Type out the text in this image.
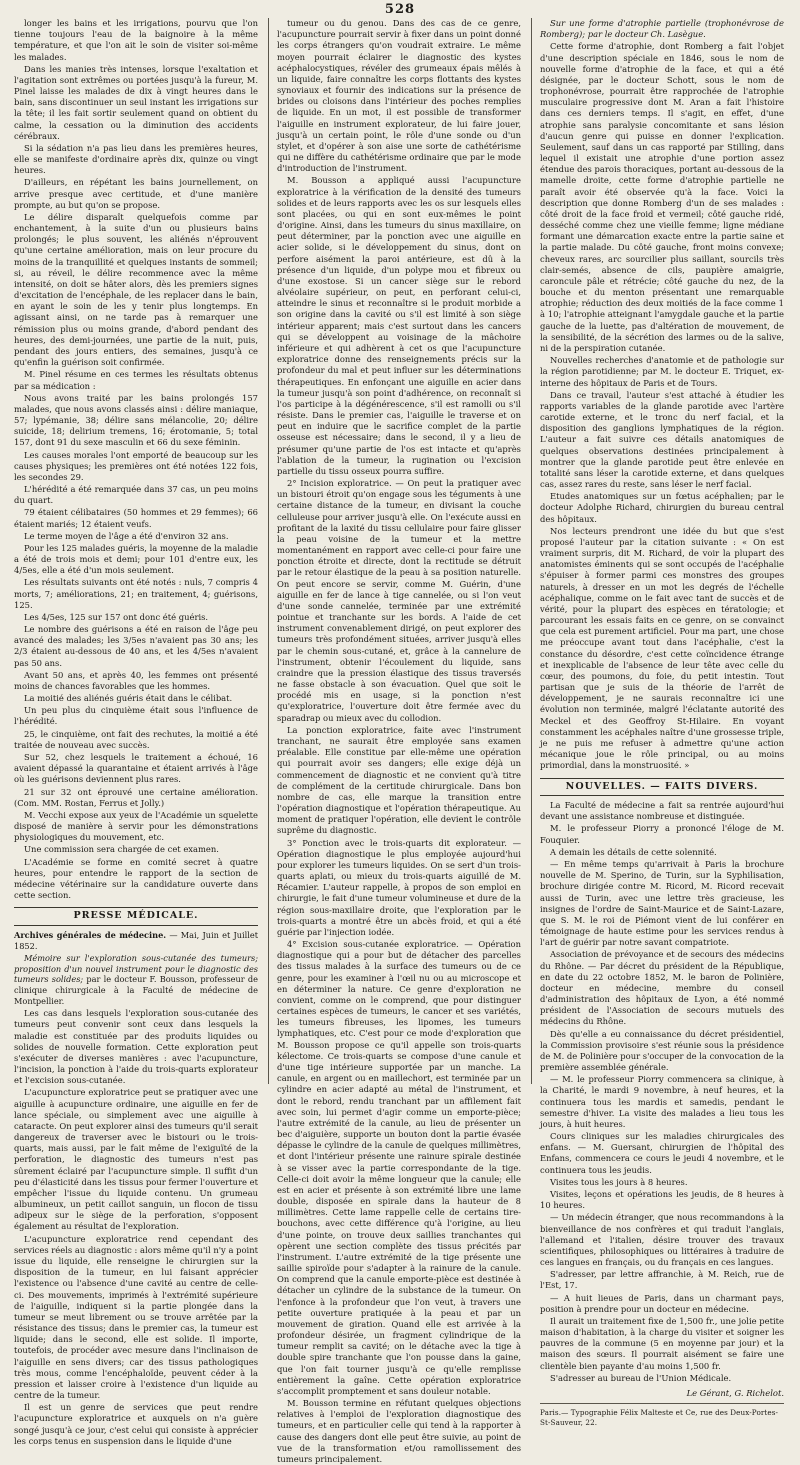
528

longer les bains et les irrigations, pourvu que l'on tienne toujours l'eau de la baignoire à la même température, et que l'on ait le soin de visiter soi-même les malades.

Dans les manies très intenses, lorsque l'exaltation et l'agitation sont extrêmes ou portées jusqu'à la fureur, M. Pinel laisse les malades de dix à vingt heures dans le bain, sans discontinuer un seul instant les irrigations sur la tête; il les fait sortir seulement quand on obtient du calme, la cessation ou la diminution des accidents cérébraux.

Si la sédation n'a pas lieu dans les premières heures, elle se manifeste d'ordinaire après dix, quinze ou vingt heures.

D'ailleurs, en répétant les bains journellement, on arrive presque avec certitude, et d'une manière prompte, au but qu'on se propose.

Le délire disparaît quelquefois comme par enchantement, à la suite d'un ou plusieurs bains prolongés; le plus souvent, les aliénés n'éprouvent qu'une certaine amélioration, mais on leur procure du moins de la tranquillité et quelques instants de sommeil; si, au réveil, le délire recommence avec la même intensité, on doit se hâter alors, dès les premiers signes d'excitation de l'encéphale, de les replacer dans le bain, en ayant le soin de les y tenir plus longtemps. En agissant ainsi, on ne tarde pas à remarquer une rémission plus ou moins grande, d'abord pendant des heures, des demi-journées, une partie de la nuit, puis, pendant des jours entiers, des semaines, jusqu'à ce qu'enfin la guérison soit confirmée.

M. Pinel résume en ces termes les résultats obtenus par sa médication :

Nous avons traité par les bains prolongés 157 malades, que nous avons classés ainsi : délire maniaque, 57; lypémanie, 38; délire sans mélancolie, 20; délire suicide, 18; delirium tremens, 16; érotomanie, 5; total 157, dont 91 du sexe masculin et 66 du sexe féminin.

Les causes morales l'ont emporté de beaucoup sur les causes physiques; les premières ont été notées 122 fois, les secondes 29.

L'hérédité a été remarquée dans 37 cas, un peu moins du quart.

79 étaient célibataires (50 hommes et 29 femmes); 66 étaient mariés; 12 étaient veufs.

Le terme moyen de l'âge a été d'environ 32 ans.

Pour les 125 malades guéris, la moyenne de la maladie a été de trois mois et demi; pour 101 d'entre eux, les 4/5es, elle a été d'un mois seulement.

Les résultats suivants ont été notés : nuls, 7 compris 4 morts, 7; améliorations, 21; en traitement, 4; guérisons, 125.

Les 4/5es, 125 sur 157 ont donc été guéris.

Le nombre des guérisons a été en raison de l'âge peu avancé des malades; les 3/5es n'avaient pas 30 ans; les 2/3 étaient au-dessous de 40 ans, et les 4/5es n'avaient pas 50 ans.

Avant 50 ans, et après 40, les femmes ont présenté moins de chances favorables que les hommes.

La moitié des aliénés guéris était dans le célibat.

Un peu plus du cinquième était sous l'influence de l'hérédité.

25, le cinquième, ont fait des rechutes, la moitié a été traitée de nouveau avec succès.

Sur 52, chez lesquels le traitement a échoué, 16 avaient dépassé la quarantaine et étaient arrivés à l'âge où les guérisons deviennent plus rares.

21 sur 32 ont éprouvé une certaine amélioration. (Com. MM. Rostan, Ferrus et Jolly.)

M. Vecchi expose aux yeux de l'Académie un squelette disposé de manière à servir pour les démonstrations physiologiques du mouvement, etc.

Une commission sera chargée de cet examen.

L'Académie se forme en comité secret à quatre heures, pour entendre le rapport de la section de médecine vétérinaire sur la candidature ouverte dans cette section.

PRESSE MÉDICALE.

Archives générales de médecine. — Mai, Juin et Juillet 1852.

Mémoire sur l'exploration sous-cutanée des tumeurs; proposition d'un nouvel instrument pour le diagnostic des tumeurs solides; par le docteur F. Bousson, professeur de clinique chirurgicale à la Faculté de médecine de Montpellier.

Les cas dans lesquels l'exploration sous-cutanée des tumeurs peut convenir sont ceux dans lesquels la maladie est constituée par des produits liquides ou solides de nouvelle formation. Cette exploration peut s'exécuter de diverses manières : avec l'acupuncture, l'incision, la ponction à l'aide du trois-quarts explorateur et l'excision sous-cutanée.

L'acupuncture exploratrice peut se pratiquer avec une aiguille à acupuncture ordinaire, une aiguille en fer de lance spéciale, ou simplement avec une aiguille à cataracte. On peut explorer ainsi des tumeurs qu'il serait dangereux de traverser avec le bistouri ou le trois-quarts, mais aussi, par le fait même de l'exiguïté de la perforation, le diagnostic des tumeurs n'est pas sûrement éclairé par l'acupuncture simple. Il suffit d'un peu d'élasticité dans les tissus pour fermer l'ouverture et empêcher l'issue du liquide contenu. Un grumeau albumineux, un petit caillot sanguin, un flocon de tissu adipeux sur le siège de la perforation, s'opposent également au résultat de l'exploration.

L'acupuncture exploratrice rend cependant des services réels au diagnostic : alors même qu'il n'y a point issue du liquide, elle renseigne le chirurgien sur la disposition de la tumeur, en lui faisant apprécier l'existence ou l'absence d'une cavité au centre de celle-ci. Des mouvements, imprimés à l'extrémité supérieure de l'aiguille, indiquent si la partie plongée dans la tumeur se meut librement ou se trouve arrêtée par la résistance des tissus; dans le premier cas, la tumeur est liquide; dans le second, elle est solide. Il importe, toutefois, de procéder avec mesure dans l'inclinaison de l'aiguille en sens divers; car des tissus pathologiques très mous, comme l'encéphaloïde, peuvent céder à la pression et laisser croire à l'existence d'un liquide au centre de la tumeur.

Il est un genre de services que peut rendre l'acupuncture exploratrice et auxquels on n'a guère songé jusqu'à ce jour, c'est celui qui consiste à apprécier les corps tenus en suspension dans le liquide d'une

tumeur ou du genou. Dans des cas de ce genre, l'acupuncture pourrait servir à fixer dans un point donné les corps étrangers qu'on voudrait extraire. Le même moyen pourrait éclairer le diagnostic des kystes acéphalocystiques, révéler des grumeaux épais mêlés à un liquide, faire connaître les corps flottants des kystes synoviaux et fournir des indications sur la présence de brides ou cloisons dans l'intérieur des poches remplies de liquide. En un mot, il est possible de transformer l'aiguille en instrument explorateur, de lui faire jouer, jusqu'à un certain point, le rôle d'une sonde ou d'un stylet, et d'opérer à son aise une sorte de cathétérisme qui ne diffère du cathétérisme ordinaire que par le mode d'introduction de l'instrument.

M. Bousson a appliqué aussi l'acupuncture exploratrice à la vérification de la densité des tumeurs solides et de leurs rapports avec les os sur lesquels elles sont placées, ou qui en sont eux-mêmes le point d'origine. Ainsi, dans les tumeurs du sinus maxillaire, on peut déterminer, par la ponction avec une aiguille en acier solide, si le développement du sinus, dont on perfore aisément la paroi antérieure, est dû à la présence d'un liquide, d'un polype mou et fibreux ou d'une exostose. Si un cancer siège sur le rebord alvéolaire supérieur, on peut, en perforant celui-ci, atteindre le sinus et reconnaître si le produit morbide a son origine dans la cavité ou s'il est limité à son siège intérieur apparent; mais c'est surtout dans les cancers qui se développent au voisinage de la mâchoire inférieure et qui adhèrent à cet os que l'acupuncture exploratrice donne des renseignements précis sur la profondeur du mal et peut influer sur les déterminations thérapeutiques. En enfonçant une aiguille en acier dans la tumeur jusqu'à son point d'adhérence, on reconnaît si l'os participe à la dégénérescence, s'il est ramolli ou s'il résiste. Dans le premier cas, l'aiguille le traverse et on peut en induire que le sacrifice complet de la partie osseuse est nécessaire; dans le second, il y a lieu de présumer qu'une partie de l'os est intacte et qu'après l'ablation de la tumeur, la rugination ou l'excision partielle du tissu osseux pourra suffire.

2° Incision exploratrice. — On peut la pratiquer avec un bistouri étroit qu'on engage sous les téguments à une certaine distance de la tumeur, en divisant la couche celluleuse pour arriver jusqu'à elle. On l'exécute aussi en profitant de la laxité du tissu cellulaire pour faire glisser la peau voisine de la tumeur et la mettre momentanément en rapport avec celle-ci pour faire une ponction étroite et directe, dont la rectitude se détruit par le retour élastique de la peau à sa position naturelle. On peut encore se servir, comme M. Guérin, d'une aiguille en fer de lance à tige cannelée, ou si l'on veut d'une sonde cannelée, terminée par une extrémité pointue et tranchante sur les bords. A l'aide de cet instrument convenablement dirigé, on peut explorer des tumeurs très profondément situées, arriver jusqu'à elles par le chemin sous-cutané, et, grâce à la cannelure de l'instrument, obtenir l'écoulement du liquide, sans craindre que la pression élastique des tissus traversés ne fasse obstacle à son évacuation. Quel que soit le procédé mis en usage, si la ponction n'est qu'exploratrice, l'ouverture doit être fermée avec du sparadrap ou mieux avec du collodion.

La ponction exploratrice, faite avec l'instrument tranchant, ne saurait être employée sans examen préalable. Elle constitue par elle-même une opération qui pourrait avoir ses dangers; elle exige déjà un commencement de diagnostic et ne convient qu'à titre de complément de la certitude chirurgicale. Dans bon nombre de cas, elle marque la transition entre l'opération diagnostique et l'opération thérapeutique. Au moment de pratiquer l'opération, elle devient le contrôle suprême du diagnostic.

3° Ponction avec le trois-quarts dit explorateur. — Opération diagnostique le plus employée aujourd'hui pour explorer les tumeurs liquides. On se sert d'un trois-quarts aplati, ou mieux du trois-quarts aiguillé de M. Récamier. L'auteur rappelle, à propos de son emploi en chirurgie, le fait d'une tumeur volumineuse et dure de la région sous-maxillaire droite, que l'exploration par le trois-quarts a montré être un abcès froid, et qui a été guérie par l'injection iodée.

4° Excision sous-cutanée exploratrice. — Opération diagnostique qui a pour but de détacher des parcelles des tissus malades à la surface des tumeurs ou de ce genre, pour les examiner à l'œil nu ou au microscope et en déterminer la nature. Ce genre d'exploration ne convient, comme on le comprend, que pour distinguer certaines espèces de tumeurs, le cancer et ses variétés, les tumeurs fibreuses, les lipomes, les tumeurs lymphatiques, etc. C'est pour ce mode d'exploration que M. Bousson propose ce qu'il appelle son trois-quarts kélectome. Ce trois-quarts se compose d'une canule et d'une tige intérieure supportée par un manche. La canule, en argent ou en maillechort, est terminée par un cylindre en acier adapté au métal de l'instrument, et dont le rebord, rendu tranchant par un affilement fait avec soin, lui permet d'agir comme un emporte-pièce; l'autre extrémité de la canule, au lieu de présenter un bec d'aiguière, supporte un bouton dont la partie évasée dépasse le cylindre de la canule de quelques millimètres, et dont l'intérieur présente une rainure spirale destinée à se visser avec la partie correspondante de la tige. Celle-ci doit avoir la même longueur que la canule; elle est en acier et présente à son extrémité libre une lame double, disposée en spirale dans la hauteur de 8 millimètres. Cette lame rappelle celle de certains tire-bouchons, avec cette différence qu'à l'origine, au lieu d'une pointe, on trouve deux saillies tranchantes qui opèrent une section complète des tissus précités par l'instrument. L'autre extrémité de la tige présente une saillie spiroïde pour s'adapter à la rainure de la canule. On comprend que la canule emporte-pièce est destinée à détacher un cylindre de la substance de la tumeur. On l'enfonce à la profondeur que l'on veut, à travers une petite ouverture pratiquée à la peau et par un mouvement de giration. Quand elle est arrivée à la profondeur désirée, un fragment cylindrique de la tumeur remplit sa cavité; on le détache avec la tige à double spire tranchante que l'on pousse dans la gaine, que l'on fait tourner jusqu'à ce qu'elle remplisse entièrement la gaîne. Cette opération exploratrice s'accomplit promptement et sans douleur notable.

M. Bousson termine en réfutant quelques objections relatives à l'emploi de l'exploration diagnostique des tumeurs, et en particulier celle qui tend à la rapporter à cause des dangers dont elle peut être suivie, au point de vue de la transformation et/ou ramollissement des tumeurs principalement.

Sur une forme d'atrophie partielle (trophonévrose de Romberg); par le docteur Ch. Lasègue.

Cette forme d'atrophie, dont Romberg a fait l'objet d'une description spéciale en 1846, sous le nom de nouvelle forme d'atrophie de la face, et qui a été désignée, par le docteur Schott, sous le nom de trophonévrose, pourrait être rapprochée de l'atrophie musculaire progressive dont M. Aran a fait l'histoire dans ces derniers temps. Il s'agit, en effet, d'une atrophie sans paralysie concomitante et sans lésion d'aucun genre qui puisse en donner l'explication. Seulement, sauf dans un cas rapporté par Stilling, dans lequel il existait une atrophie d'une portion assez étendue des parois thoraciques, portant au-dessous de la mamelle droite, cette forme d'atrophie partielle ne paraît avoir été observée qu'à la face. Voici la description que donne Romberg d'un de ses malades : côté droit de la face froid et vermeil; côté gauche ridé, desséché comme chez une vieille femme; ligne médiane formant une démarcation exacte entre la partie saine et la partie malade. Du côté gauche, front moins convexe; cheveux rares, arc sourcilier plus saillant, sourcils très clair-semés, absence de cils, paupière amaigrie, caroncule pâle et rétrécie; côté gauche du nez, de la bouche et du menton présentant une remarquable atrophie; réduction des deux moitiés de la face comme 1 à 10; l'atrophie atteignant l'amygdale gauche et la partie gauche de la luette, pas d'altération de mouvement, de la sensibilité, de la sécrétion des larmes ou de la salive, ni de la perspiration cutanée.

Nouvelles recherches d'anatomie et de pathologie sur la région parotidienne; par M. le docteur E. Triquet, ex-interne des hôpitaux de Paris et de Tours.

Dans ce travail, l'auteur s'est attaché à étudier les rapports variables de la glande parotide avec l'artère carotide externe, et le tronc du nerf facial, et la disposition des ganglions lymphatiques de la région. L'auteur a fait suivre ces détails anatomiques de quelques observations destinées principalement à montrer que la glande parotide peut être enlevée en totalité sans léser la carotide externe, et dans quelques cas, assez rares du reste, sans léser le nerf facial.

Etudes anatomiques sur un fœtus acéphalien; par le docteur Adolphe Richard, chirurgien du bureau central des hôpitaux.

Nos lecteurs prendront une idée du but que s'est proposé l'auteur par la citation suivante : « On est vraiment surpris, dit M. Richard, de voir la plupart des anatomistes éminents qui se sont occupés de l'acéphalie s'épuiser à former parmi ces monstres des groupes naturels, à dresser en un mot les degrés de l'échelle acéphalique, comme on le fait avec tant de succès et de vérité, pour la plupart des espèces en tératologie; et parcourant les essais faits en ce genre, on se convainct que cela est purement artificiel. Pour ma part, une chose me préoccupe avant tout dans l'acéphalie, c'est la constance du désordre, c'est cette coïncidence étrange et inexplicable de l'absence de leur tête avec celle du cœur, des poumons, du foie, du petit intestin. Tout partisan que je suis de la théorie de l'arrêt de développement, je ne saurais reconnaître ici une évolution non terminée, malgré l'éclatante autorité des Meckel et des Geoffroy St-Hilaire. En voyant constamment les acéphales naître d'une grossesse triple, je ne puis me refuser à admettre qu'une action mécanique joue le rôle principal, ou au moins primordial, dans la monstruosité. »

NOUVELLES. — FAITS DIVERS.

La Faculté de médecine a fait sa rentrée aujourd'hui devant une assistance nombreuse et distinguée.

M. le professeur Piorry a prononcé l'éloge de M. Fouquier.

A demain les détails de cette solennité.

— En même temps qu'arrivait à Paris la brochure nouvelle de M. Sperino, de Turin, sur la Syphilisation, brochure dirigée contre M. Ricord, M. Ricord recevait aussi de Turin, avec une lettre très gracieuse, les insignes de l'ordre de Saint-Maurice et de Saint-Lazare, que S. M. le roi de Piémont vient de lui conférer en témoignage de haute estime pour les services rendus à l'art de guérir par notre savant compatriote.

Association de prévoyance et de secours des médecins du Rhône. — Par décret du président de la République, en date du 22 octobre 1852, M. le baron de Polinière, docteur en médecine, membre du conseil d'administration des hôpitaux de Lyon, a été nommé président de l'Association de secours mutuels des médecins du Rhône.

Dès qu'elle a eu connaissance du décret présidentiel, la Commission provisoire s'est réunie sous la présidence de M. de Polinière pour s'occuper de la convocation de la première assemblée générale.

— M. le professeur Piorry commencera sa clinique, à la Charité, le mardi 9 novembre, à neuf heures, et la continuera tous les mardis et samedis, pendant le semestre d'hiver. La visite des malades a lieu tous les jours, à huit heures.

Cours cliniques sur les maladies chirurgicales des enfans. — M. Guersant, chirurgien de l'hôpital des Enfans, commencera ce cours le jeudi 4 novembre, et le continuera tous les jeudis.

Visites tous les jours à 8 heures.

Visites, leçons et opérations les jeudis, de 8 heures à 10 heures.

— Un médecin étranger, que nous recommandons à la bienveillance de nos confrères et qui traduit l'anglais, l'allemand et l'italien, désire trouver des travaux scientifiques, philosophiques ou littéraires à traduire de ces langues en français, ou du français en ces langues.

S'adresser, par lettre affranchie, à M. Reich, rue de l'Est, 17.

— A huit lieues de Paris, dans un charmant pays, position à prendre pour un docteur en médecine.

Il aurait un traitement fixe de 1,500 fr., une jolie petite maison d'habitation, à la charge du visiter et soigner les pauvres de la commune (5 en moyenne par jour) et la maison des sœurs. Il pourrait aisément se faire une clientèle bien payante d'au moins 1,500 fr.

S'adresser au bureau de l'Union Médicale.

Le Gérant, G. Richelot.
Paris.— Typographie Félix Malteste et Ce, rue des Deux-Portes-St-Sauveur, 22.
